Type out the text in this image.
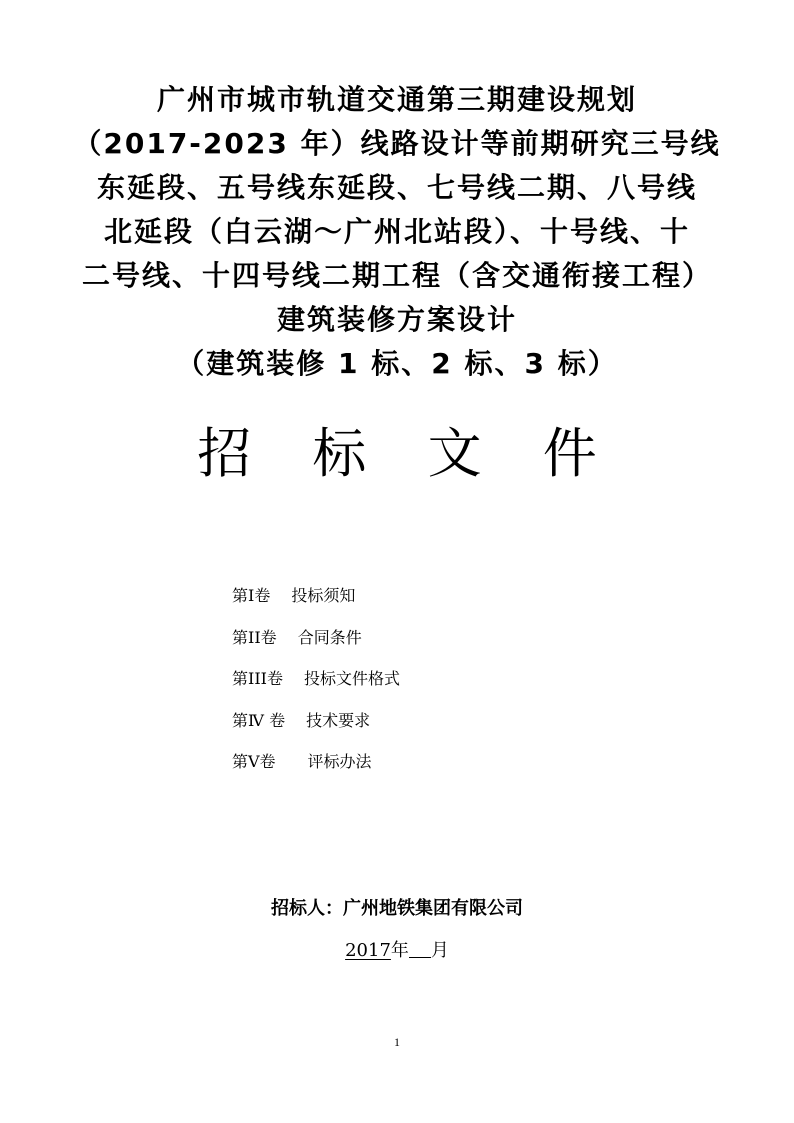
广州市城市轨道交通第三期建设规划
（2017-2023 年）线路设计等前期研究三号线
东延段、五号线东延段、七号线二期、八号线
北延段（白云湖～广州北站段）、十号线、十
二号线、十四号线二期工程（含交通衔接工程）
建筑装修方案设计
（建筑装修 1 标、2 标、3 标）
招 标 文 件
第Ⅰ卷　 投标须知
第II卷　 合同条件
第III卷　 投标文件格式
第Ⅳ 卷　 技术要求
第Ⅴ卷　　评标办法
招标人：广州地铁集团有限公司
2017年 月
1
